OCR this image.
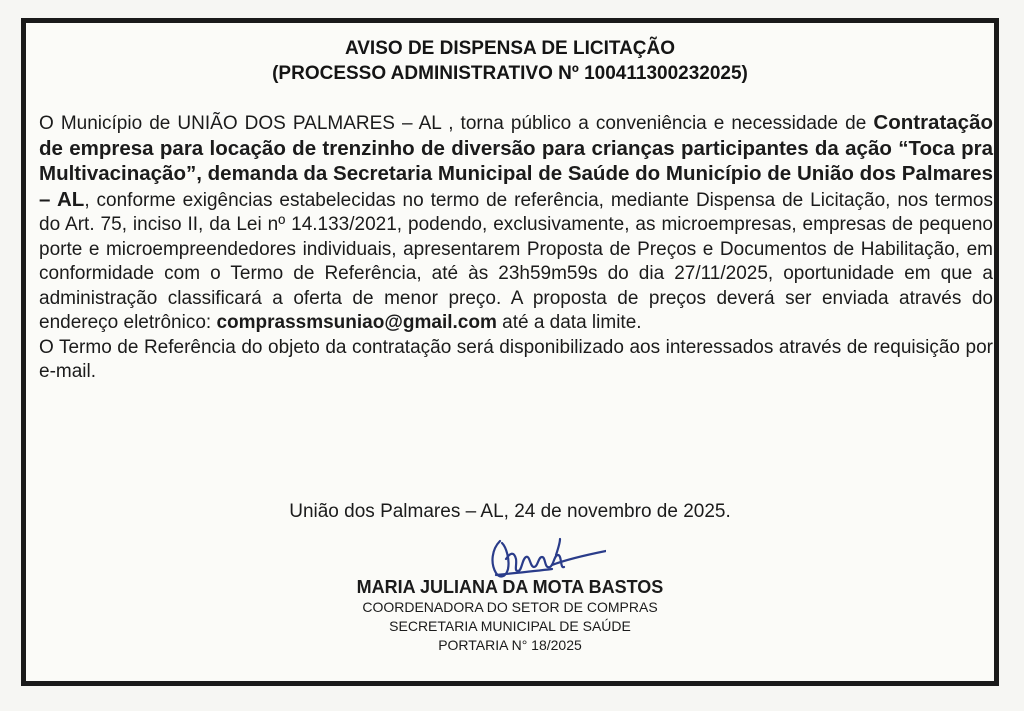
AVISO DE DISPENSA DE LICITAÇÃO
(PROCESSO ADMINISTRATIVO Nº 100411300232025)

O Município de UNIÃO DOS PALMARES – AL , torna público a conveniência e necessidade de Contratação de empresa para locação de trenzinho de diversão para crianças participantes da ação “Toca pra Multivacinação”, demanda da Secretaria Municipal de Saúde do Município de União dos Palmares – AL, conforme exigências estabelecidas no termo de referência, mediante Dispensa de Licitação, nos termos do Art. 75, inciso II, da Lei nº 14.133/2021, podendo, exclusivamente, as microempresas, empresas de pequeno porte e microempreendedores individuais, apresentarem Proposta de Preços e Documentos de Habilitação, em conformidade com o Termo de Referência, até às 23h59m59s do dia 27/11/2025, oportunidade em que a administração classificará a oferta de menor preço. A proposta de preços deverá ser enviada através do endereço eletrônico: comprassmsuniao@gmail.com até a data limite.

O Termo de Referência do objeto da contratação será disponibilizado aos interessados através de requisição por e-mail.

União dos Palmares – AL, 24 de novembro de 2025.
MARIA JULIANA DA MOTA BASTOS
COORDENADORA DO SETOR DE COMPRAS
SECRETARIA MUNICIPAL DE SAÚDE
PORTARIA N° 18/2025
